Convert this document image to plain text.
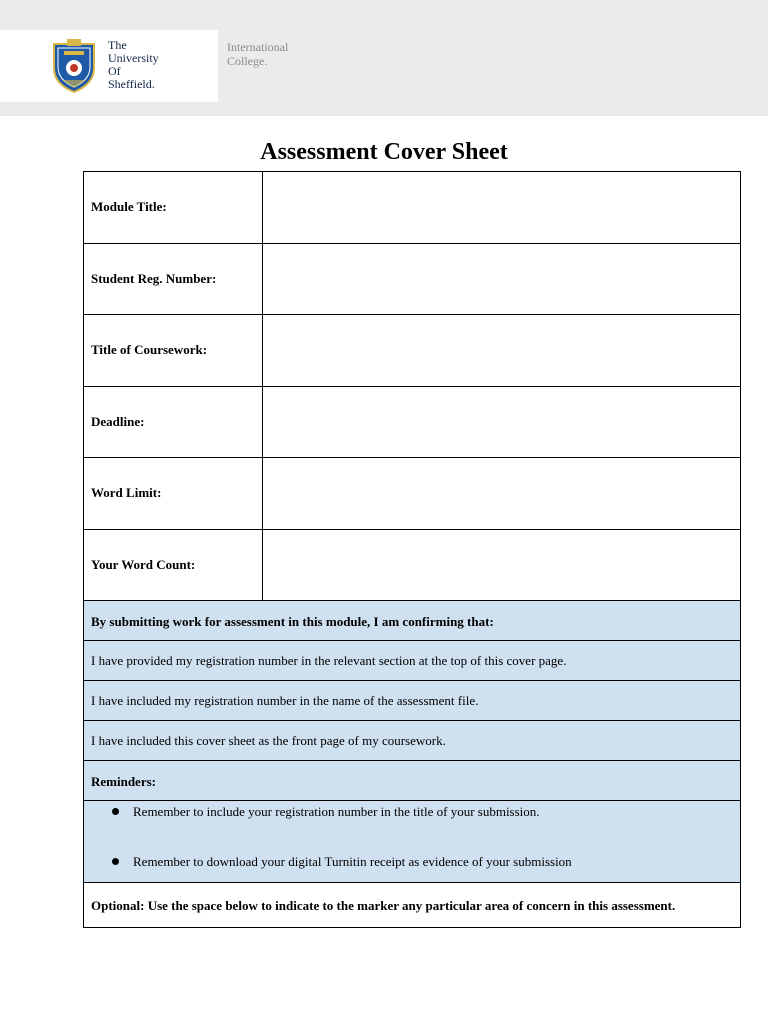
The
University
Of
Sheffield.
International
College.
Assessment Cover Sheet
Module Title:	
Student Reg. Number:	
Title of Coursework:	
Deadline:	
Word Limit:	
Your Word Count:	
By submitting work for assessment in this module, I am confirming that:	
I have provided my registration number in the relevant section at the top of this cover page.	
I have included my registration number in the name of the assessment file.	
I have included this cover sheet as the front page of my coursework.	
Reminders:	

Remember to include your registration number in the title of your submission.
Remember to download your digital Turnitin receipt as evidence of your submission	

Optional: Use the space below to indicate to the marker any particular area of concern in this assessment.	
